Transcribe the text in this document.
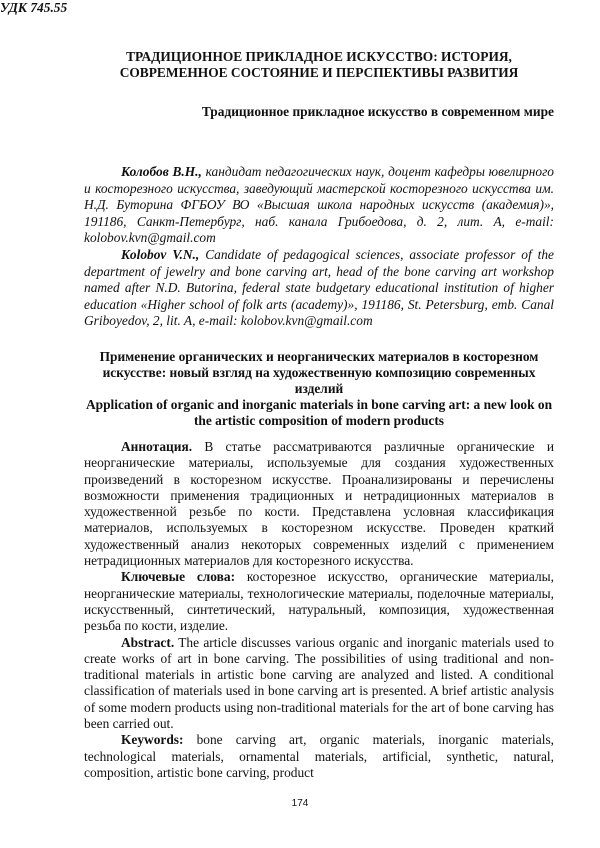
ТРАДИЦИОННОЕ ПРИКЛАДНОЕ ИСКУССТВО: ИСТОРИЯ, СОВРЕМЕННОЕ СОСТОЯНИЕ И ПЕРСПЕКТИВЫ РАЗВИТИЯ
Традиционное прикладное искусство в современном мире
УДК 745.55

Колобов В.Н., кандидат педагогических наук, доцент кафедры ювелирного и косторезного искусства, заведующий мастерской косторезного искусства им. Н.Д. Буторина ФГБОУ ВО «Высшая школа народных искусств (академия)», 191186, Санкт-Петербург, наб. канала Грибоедова, д. 2, лит. А, e-mail: kolobov.kvn@gmail.com

Kolobov V.N., Candidate of pedagogical sciences, associate professor of the department of jewelry and bone carving art, head of the bone carving art workshop named after N.D. Butorina, federal state budgetary educational institution of higher education «Higher school of folk arts (academy)», 191186, St. Petersburg, emb. Canal Griboyedov, 2, lit. A, e-mail: kolobov.kvn@gmail.com

Применение органических и неорганических материалов в косторезном искусстве: новый взгляд на художественную композицию современных изделий

Application of organic and inorganic materials in bone carving art: a new look on the artistic composition of modern products

Аннотация. В статье рассматриваются различные органические и неорганические материалы, используемые для создания художественных произведений в косторезном искусстве. Проанализированы и перечислены возможности применения традиционных и нетрадиционных материалов в художественной резьбе по кости. Представлена условная классификация материалов, используемых в косторезном искусстве. Проведен краткий художественный анализ некоторых современных изделий с применением нетрадиционных материалов для косторезного искусства.

Ключевые слова: косторезное искусство, органические материалы, неорганические материалы, технологические материалы, поделочные материалы, искусственный, синтетический, натуральный, композиция, художественная резьба по кости, изделие.

Abstract. The article discusses various organic and inorganic materials used to create works of art in bone carving. The possibilities of using traditional and non-traditional materials in artistic bone carving are analyzed and listed. A conditional classification of materials used in bone carving art is presented. A brief artistic analysis of some modern products using non-traditional materials for the art of bone carving has been carried out.

Keywords: bone carving art, organic materials, inorganic materials, technological materials, ornamental materials, artificial, synthetic, natural, composition, artistic bone carving, product

174
